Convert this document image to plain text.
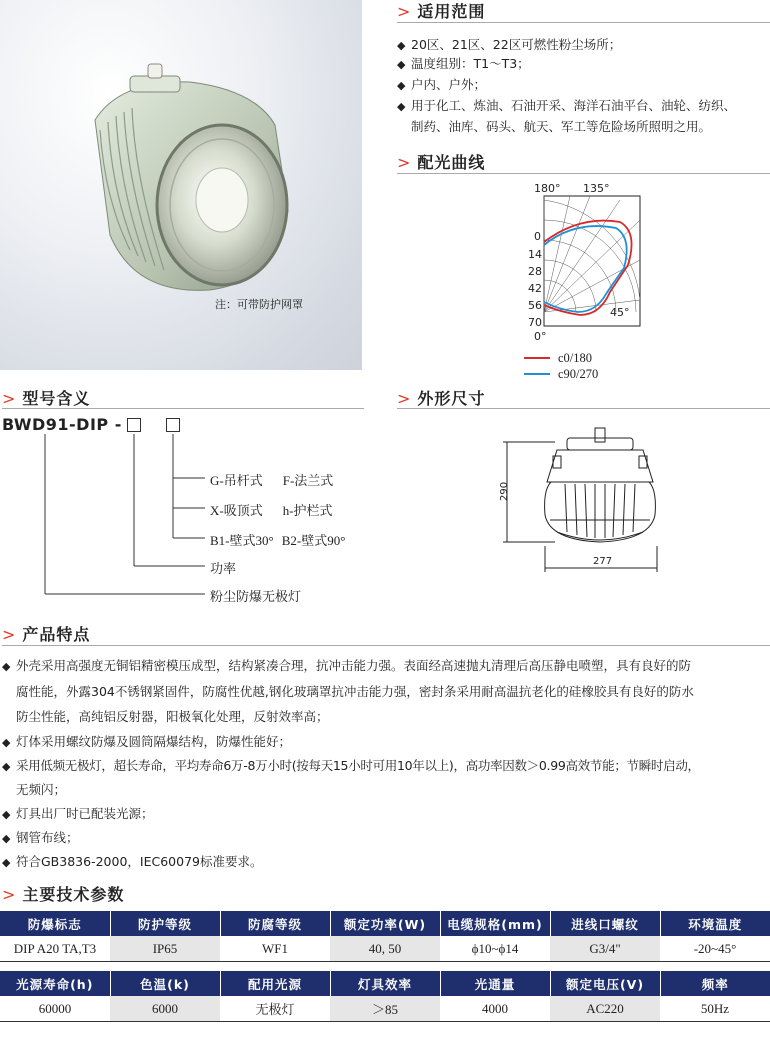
注：可带防护网罩
> 适用范围
◆ 20区、21区、22区可燃性粉尘场所；
◆ 温度组别：T1～T3；
◆ 户内、户外；
◆ 用于化工、炼油、石油开采、海洋石油平台、油轮、纺织、
制药、油库、码头、航天、军工等危险场所照明之用。
> 配光曲线
180° 135°
0
14
28
42
56
70
0°
45°
c0/180
c90/270
> 型号含义
BWD91-DIP -
G-吊杆式 F-法兰式
X-吸顶式 h-护栏式
B1-壁式30° B2-壁式90°
功率
粉尘防爆无极灯
> 外形尺寸
290
277
> 产品特点
◆ 外壳采用高强度无铜铝精密模压成型，结构紧凑合理，抗冲击能力强。表面经高速抛丸清理后高压静电喷塑，具有良好的防
腐性能，外露304不锈钢紧固件，防腐性优越,钢化玻璃罩抗冲击能力强，密封条采用耐高温抗老化的硅橡胶具有良好的防水
防尘性能，高纯铝反射器，阳极氧化处理，反射效率高；
◆ 灯体采用螺纹防爆及圆筒隔爆结构，防爆性能好；
◆ 采用低频无极灯，超长寿命，平均寿命6万-8万小时(按每天15小时可用10年以上)，高功率因数＞0.99高效节能；节瞬时启动，
无频闪；
◆ 灯具出厂时已配装光源；
◆ 钢管布线；
◆ 符合GB3836-2000，IEC60079标准要求。
> 主要技术参数
防爆标志	防护等级	防腐等级	额定功率(W)	电缆规格(mm)	进线口螺纹	环境温度
DIP A20 TA,T3	IP65	WF1	40, 50	ϕ10~ϕ14	G3/4"	-20~45°
光源寿命(h)	色温(k)	配用光源	灯具效率	光通量	额定电压(V)	频率
60000	6000	无极灯	＞85	4000	AC220	50Hz
